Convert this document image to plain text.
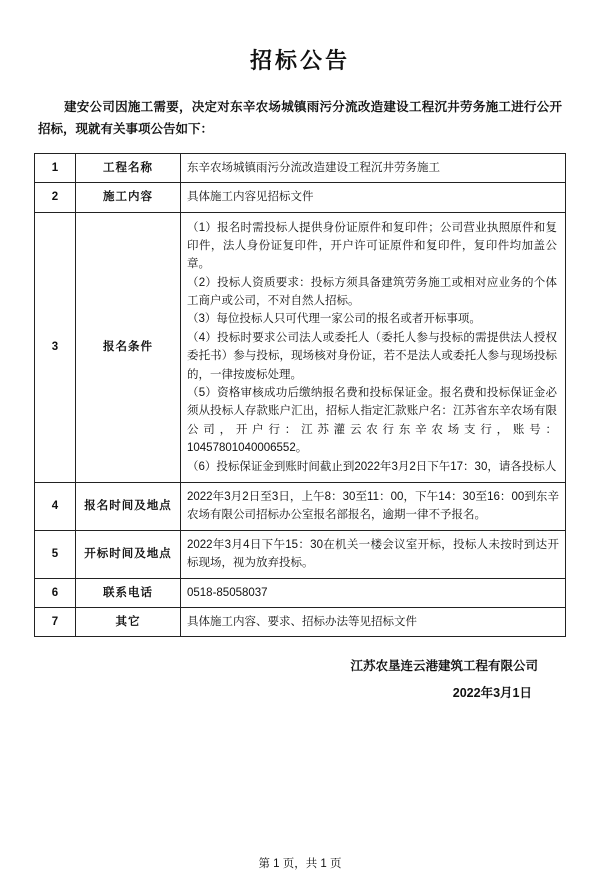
招标公告
建安公司因施工需要，决定对东辛农场城镇雨污分流改造建设工程沉井劳务施工进行公开招标，现就有关事项公告如下：
1	工程名称	东辛农场城镇雨污分流改造建设工程沉井劳务施工

2	施工内容	具体施工内容见招标文件

3	报名条件	
（1）报名时需投标人提供身份证原件和复印件；公司营业执照原件和复印件，法人身份证复印件，开户许可证原件和复印件，复印件均加盖公章。
（2）投标人资质要求：投标方须具备建筑劳务施工或相对应业务的个体工商户或公司，不对自然人招标。
（3）每位投标人只可代理一家公司的报名或者开标事项。
（4）投标时要求公司法人或委托人（委托人参与投标的需提供法人授权委托书）参与投标，现场核对身份证，若不是法人或委托人参与现场投标的，一律按废标处理。
（5）资格审核成功后缴纳报名费和投标保证金。报名费和投标保证金必须从投标人存款账户汇出，招标人指定汇款账户名：江苏省东辛农场有限公司，开户行：江苏灌云农行东辛农场支行，账号：10457801040006552。
（6）投标保证金到账时间截止到2022年3月2日下午17：30，请各投标人

4	报名时间及地点	2022年3月2日至3日，上午8：30至11：00，下午14：30至16：00到东辛农场有限公司招标办公室报名部报名，逾期一律不予报名。

5	开标时间及地点	2022年3月4日下午15：30在机关一楼会议室开标，投标人未按时到达开标现场，视为放弃投标。

6	联系电话	0518-85058037

7	其它	具体施工内容、要求、招标办法等见招标文件
江苏农垦连云港建筑工程有限公司
2022年3月1日
第 1 页，共 1 页
